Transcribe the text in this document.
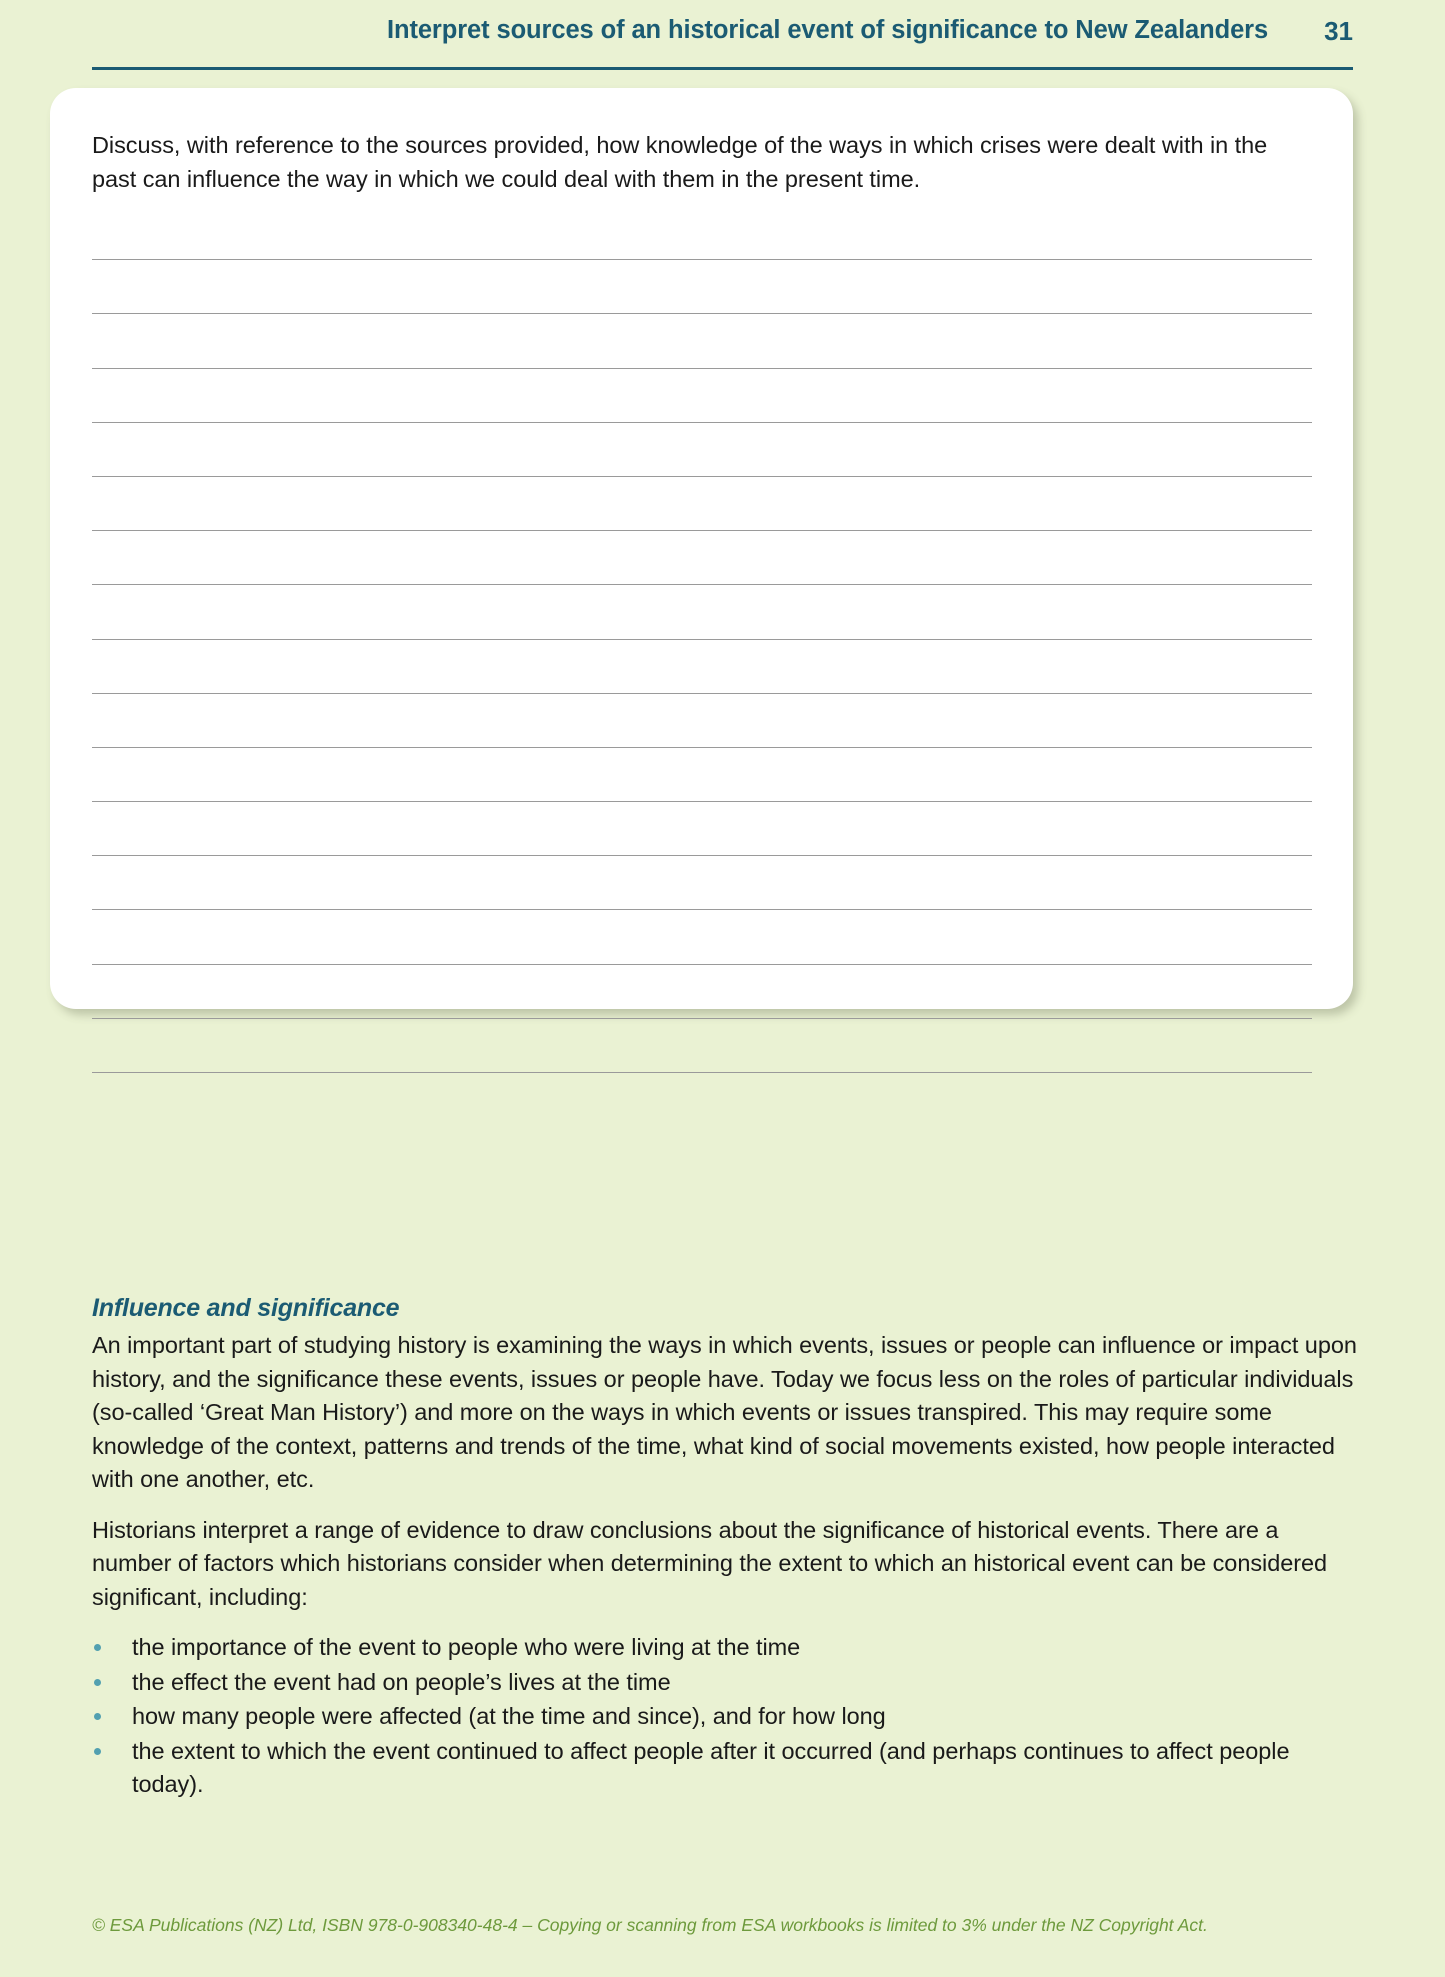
Interpret sources of an historical event of significance to New Zealanders 31
Discuss, with reference to the sources provided, how knowledge of the ways in which crises were dealt with in the past can influence the way in which we could deal with them in the present time.
Influence and significance

An important part of studying history is examining the ways in which events, issues or people can influence or impact upon history, and the significance these events, issues or people have. Today we focus less on the roles of particular individuals (so-called ‘Great Man History’) and more on the ways in which events or issues transpired. This may require some knowledge of the context, patterns and trends of the time, what kind of social movements existed, how people interacted with one another, etc.

Historians interpret a range of evidence to draw conclusions about the significance of historical events. There are a number of factors which historians consider when determining the extent to which an historical event can be considered significant, including:

the importance of the event to people who were living at the time
the effect the event had on people’s lives at the time
how many people were affected (at the time and since), and for how long
the extent to which the event continued to affect people after it occurred (and perhaps continues to affect people today).
© ESA Publications (NZ) Ltd, ISBN 978-0-908340-48-4 – Copying or scanning from ESA workbooks is limited to 3% under the NZ Copyright Act.
